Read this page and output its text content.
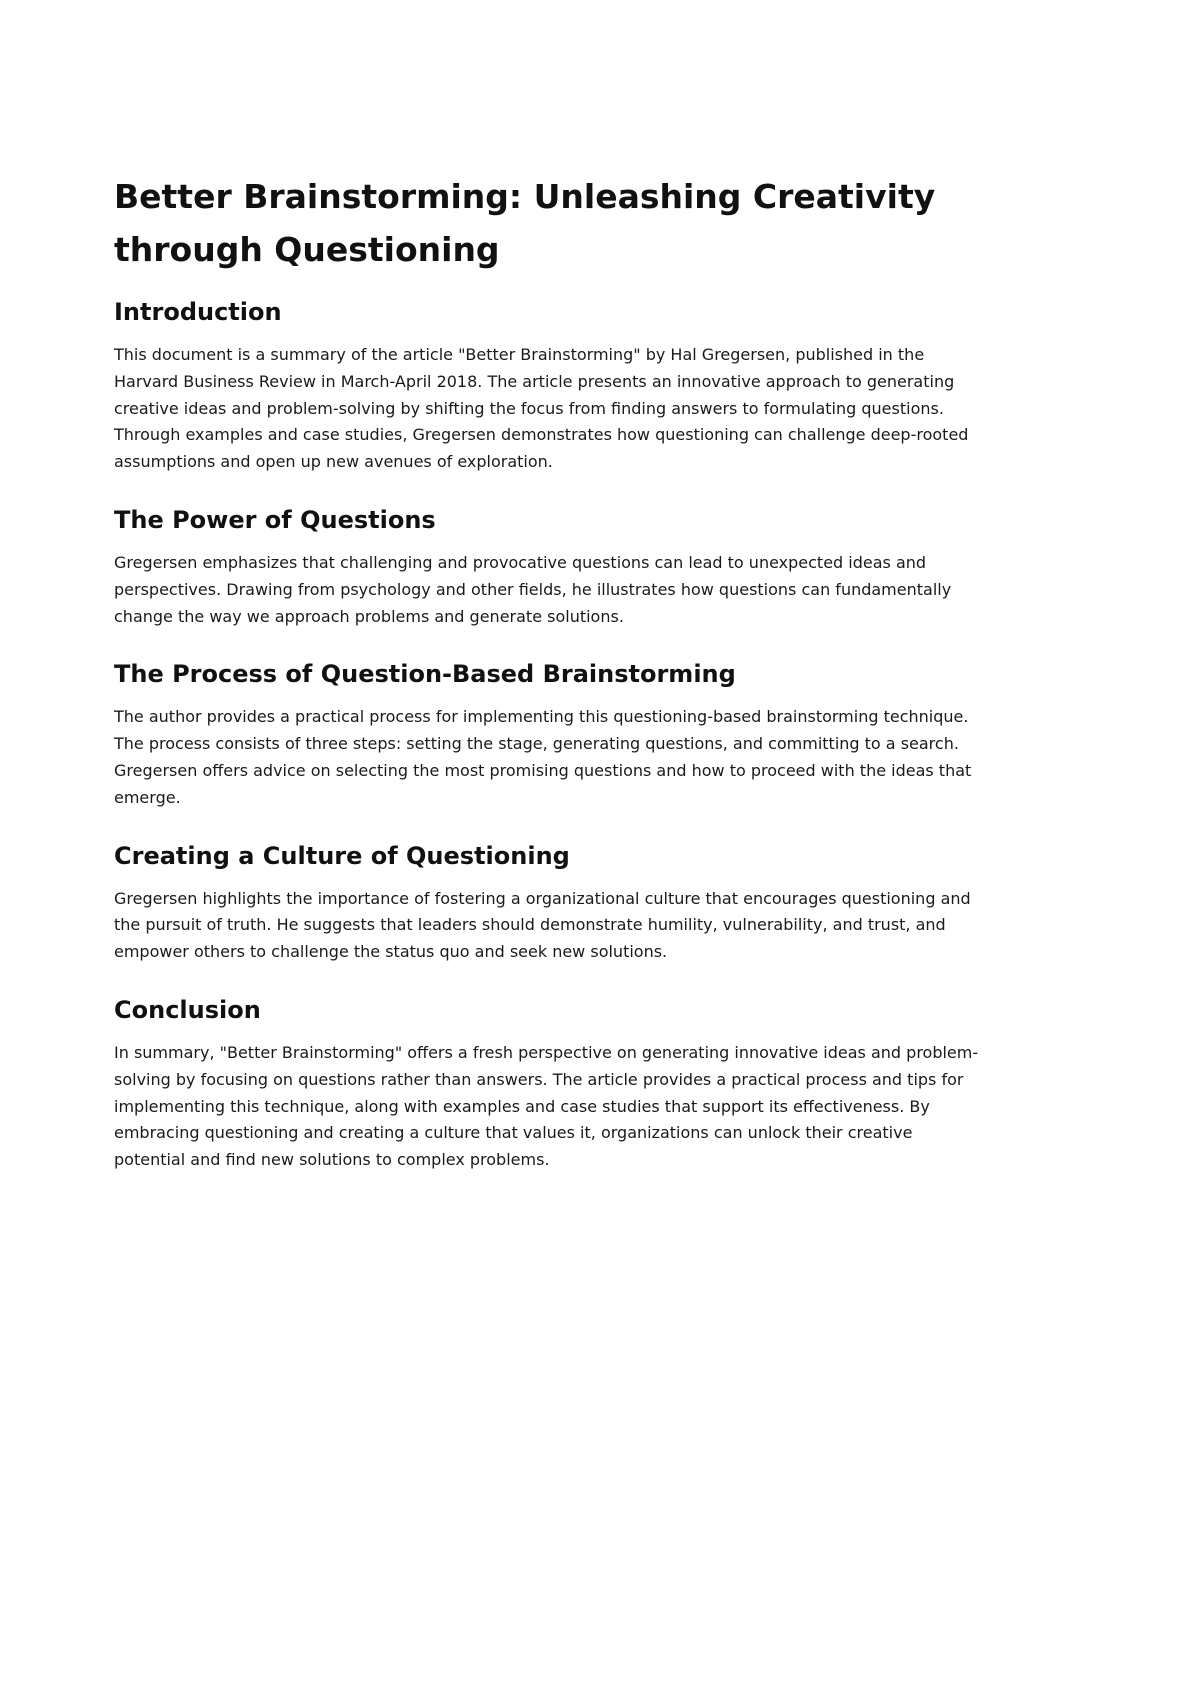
Better Brainstorming: Unleashing Creativity through Questioning
Introduction

This document is a summary of the article "Better Brainstorming" by Hal Gregersen, published in the Harvard Business Review in March-April 2018. The article presents an innovative approach to generating creative ideas and problem-solving by shifting the focus from finding answers to formulating questions. Through examples and case studies, Gregersen demonstrates how questioning can challenge deep-rooted assumptions and open up new avenues of exploration.

The Power of Questions

Gregersen emphasizes that challenging and provocative questions can lead to unexpected ideas and perspectives. Drawing from psychology and other fields, he illustrates how questions can fundamentally change the way we approach problems and generate solutions.

The Process of Question-Based Brainstorming

The author provides a practical process for implementing this questioning-based brainstorming technique. The process consists of three steps: setting the stage, generating questions, and committing to a search. Gregersen offers advice on selecting the most promising questions and how to proceed with the ideas that emerge.

Creating a Culture of Questioning

Gregersen highlights the importance of fostering a organizational culture that encourages questioning and the pursuit of truth. He suggests that leaders should demonstrate humility, vulnerability, and trust, and empower others to challenge the status quo and seek new solutions.

Conclusion

In summary, "Better Brainstorming" offers a fresh perspective on generating innovative ideas and problem-solving by focusing on questions rather than answers. The article provides a practical process and tips for implementing this technique, along with examples and case studies that support its effectiveness. By embracing questioning and creating a culture that values it, organizations can unlock their creative potential and find new solutions to complex problems.
